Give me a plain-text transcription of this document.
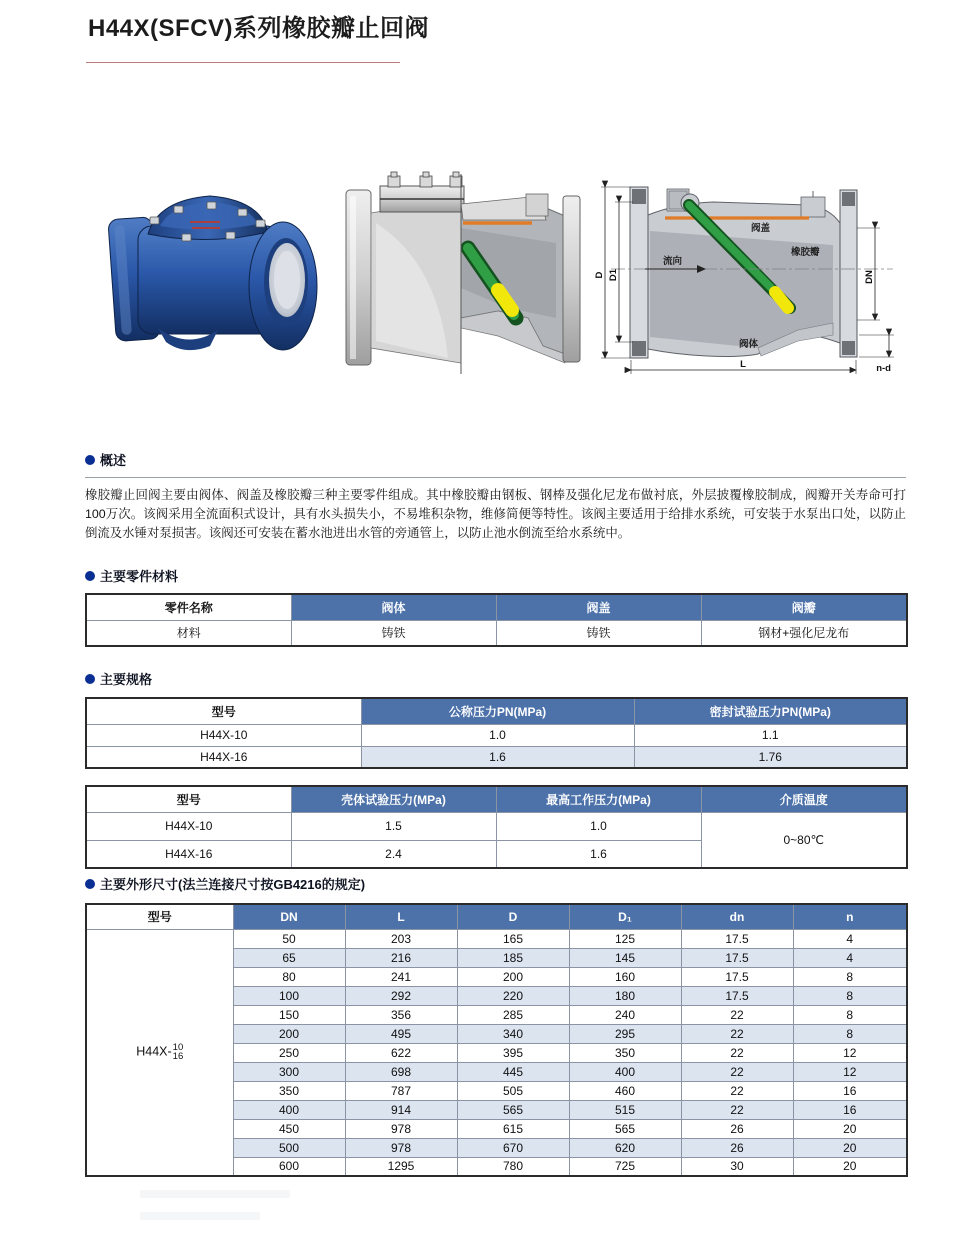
H44X(SFCV)系列橡胶瓣止回阀
流向
阀盖
橡胶瓣
阀体
D D1	DN
L	n-d
概述
橡胶瓣止回阀主要由阀体、阀盖及橡胶瓣三种主要零件组成。其中橡胶瓣由钢板、钢棒及强化尼龙布做衬底，外层披覆橡胶制成，阀瓣开关寿命可打100万次。该阀采用全流面积式设计，具有水头损失小，不易堆积杂物，维修简便等特性。该阀主要适用于给排水系统，可安装于水泵出口处，以防止倒流及水锤对泵损害。该阀还可安装在蓄水池进出水管的旁通管上，以防止池水倒流至给水系统中。
主要零件材料
零件名称	阀体	阀盖	阀瓣
材料	铸铁	铸铁	钢材+强化尼龙布
主要规格
型号	公称压力PN(MPa)	密封试验压力PN(MPa)
H44X-10	1.0	1.1
H44X-16	1.6	1.76
型号	壳体试验压力(MPa)	最高工作压力(MPa)	介质温度
H44X-10	1.5	1.0	0~80℃
H44X-16	2.4	1.6	
主要外形尺寸(法兰连接尺寸按GB4216的规定)
型号	DN	L	D	D₁	dn	n
H44X- 10
16	50	203	165	125	17.5	4
	65	216	185	145	17.5	4
	80	241	200	160	17.5	8
	100	292	220	180	17.5	8
	150	356	285	240	22	8
	200	495	340	295	22	8
	250	622	395	350	22	12
	300	698	445	400	22	12
	350	787	505	460	22	16
	400	914	565	515	22	16
	450	978	615	565	26	20
	500	978	670	620	26	20
	600	1295	780	725	30	20
